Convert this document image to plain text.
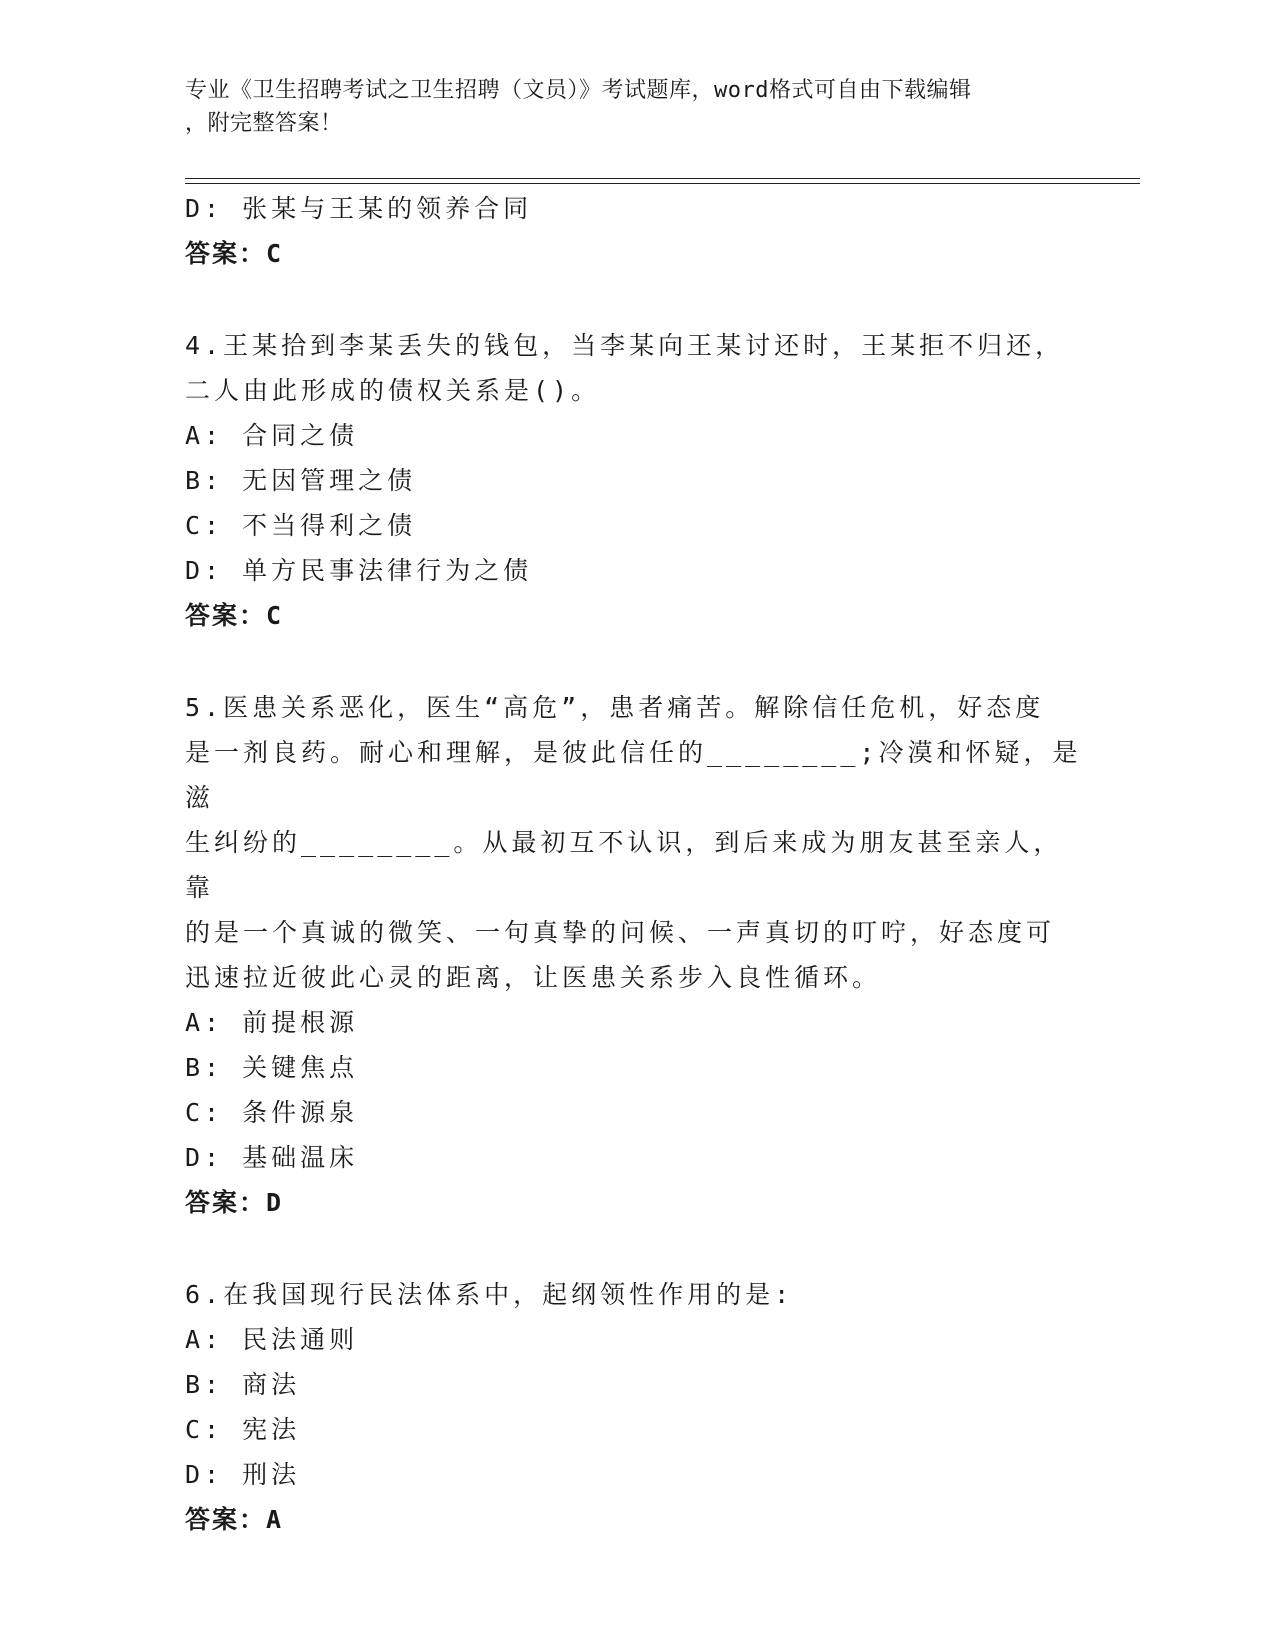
专业《卫生招聘考试之卫生招聘（文员）》考试题库，word格式可自由下载编辑
，附完整答案！
D: 张某与王某的领养合同
答案：C
4.王某拾到李某丢失的钱包，当李某向王某讨还时，王某拒不归还，
二人由此形成的债权关系是()。
A: 合同之债
B: 无因管理之债
C: 不当得利之债
D: 单方民事法律行为之债
答案：C
5.医患关系恶化，医生“高危”，患者痛苦。解除信任危机，好态度
是一剂良药。耐心和理解，是彼此信任的________;冷漠和怀疑，是滋
生纠纷的________。从最初互不认识，到后来成为朋友甚至亲人，靠
的是一个真诚的微笑、一句真挚的问候、一声真切的叮咛，好态度可
迅速拉近彼此心灵的距离，让医患关系步入良性循环。
A: 前提根源
B: 关键焦点
C: 条件源泉
D: 基础温床
答案：D
6.在我国现行民法体系中，起纲领性作用的是:
A: 民法通则
B: 商法
C: 宪法
D: 刑法
答案：A
